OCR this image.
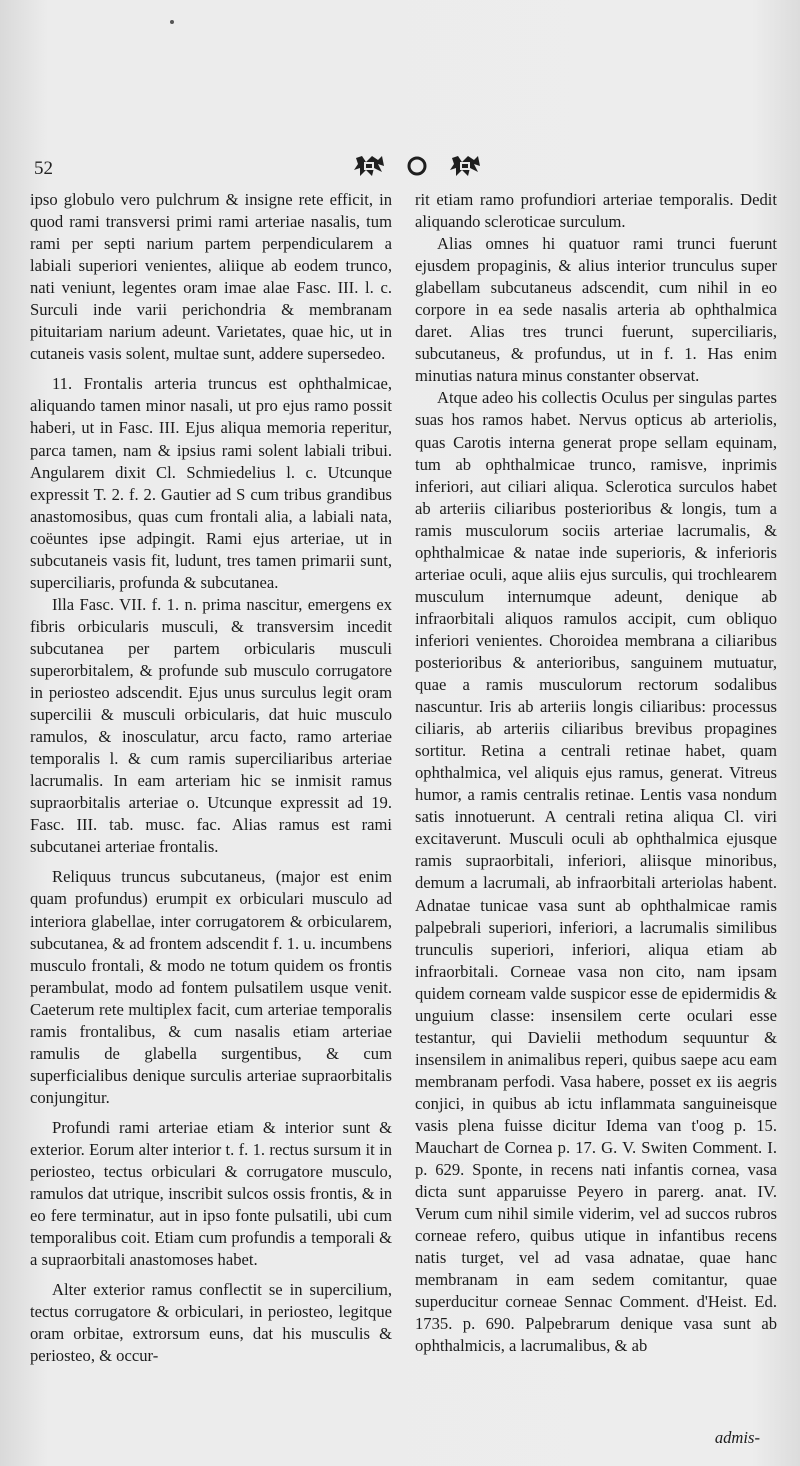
52

ipso globulo vero pulchrum & insigne rete efficit, in quod rami transversi primi rami arteriae nasalis, tum rami per septi narium partem perpendicularem a labiali superiori venientes, aliique ab eodem trunco, nati veniunt, legentes oram imae alae Fasc. III. l. c. Surculi inde varii perichondria & membranam pituitariam narium adeunt. Varietates, quae hic, ut in cutaneis vasis solent, multae sunt, addere supersedeo.

11. Frontalis arteria truncus est ophthalmicae, aliquando tamen minor nasali, ut pro ejus ramo possit haberi, ut in Fasc. III. Ejus aliqua memoria reperitur, parca tamen, nam & ipsius rami solent labiali tribui. Angularem dixit Cl. Schmiedelius l. c. Utcunque expressit T. 2. f. 2. Gautier ad S cum tribus grandibus anastomosibus, quas cum frontali alia, a labiali nata, coëuntes ipse adpingit. Rami ejus arteriae, ut in subcutaneis vasis fit, ludunt, tres tamen primarii sunt, superciliaris, profunda & subcutanea.

Illa Fasc. VII. f. 1. n. prima nascitur, emergens ex fibris orbicularis musculi, & transversim incedit subcutanea per partem orbicularis musculi superorbitalem, & profunde sub musculo corrugatore in periosteo adscendit. Ejus unus surculus legit oram supercilii & musculi orbicularis, dat huic musculo ramulos, & inosculatur, arcu facto, ramo arteriae temporalis l. & cum ramis superciliaribus arteriae lacrumalis. In eam arteriam hic se inmisit ramus supraorbitalis arteriae o. Utcunque expressit ad 19. Fasc. III. tab. musc. fac. Alias ramus est rami subcutanei arteriae frontalis.

Reliquus truncus subcutaneus, (major est enim quam profundus) erumpit ex orbiculari musculo ad interiora glabellae, inter corrugatorem & orbicularem, subcutanea, & ad frontem adscendit f. 1. u. incumbens musculo frontali, & modo ne totum quidem os frontis perambulat, modo ad fontem pulsatilem usque venit. Caeterum rete multiplex facit, cum arteriae temporalis ramis frontalibus, & cum nasalis etiam arteriae ramulis de glabella surgentibus, & cum superficialibus denique surculis arteriae supraorbitalis conjungitur.

Profundi rami arteriae etiam & interior sunt & exterior. Eorum alter interior t. f. 1. rectus sursum it in periosteo, tectus orbiculari & corrugatore musculo, ramulos dat utrique, inscribit sulcos ossis frontis, & in eo fere terminatur, aut in ipso fonte pulsatili, ubi cum temporalibus coit. Etiam cum profundis a temporali & a supraorbitali anastomoses habet.

Alter exterior ramus conflectit se in supercilium, tectus corrugatore & orbiculari, in periosteo, legitque oram orbitae, extrorsum euns, dat his musculis & periosteo, & occur-

rit etiam ramo profundiori arteriae temporalis. Dedit aliquando scleroticae surculum.

Alias omnes hi quatuor rami trunci fuerunt ejusdem propaginis, & alius interior trunculus super glabellam subcutaneus adscendit, cum nihil in eo corpore in ea sede nasalis arteria ab ophthalmica daret. Alias tres trunci fuerunt, superciliaris, subcutaneus, & profundus, ut in f. 1. Has enim minutias natura minus constanter observat.

Atque adeo his collectis Oculus per singulas partes suas hos ramos habet. Nervus opticus ab arteriolis, quas Carotis interna generat prope sellam equinam, tum ab ophthalmicae trunco, ramisve, inprimis inferiori, aut ciliari aliqua. Sclerotica surculos habet ab arteriis ciliaribus posterioribus & longis, tum a ramis musculorum sociis arteriae lacrumalis, & ophthalmicae & natae inde superioris, & inferioris arteriae oculi, aque aliis ejus surculis, qui trochlearem musculum internumque adeunt, denique ab infraorbitali aliquos ramulos accipit, cum obliquo inferiori venientes. Choroidea membrana a ciliaribus posterioribus & anterioribus, sanguinem mutuatur, quae a ramis musculorum rectorum sodalibus nascuntur. Iris ab arteriis longis ciliaribus: processus ciliaris, ab arteriis ciliaribus brevibus propagines sortitur. Retina a centrali retinae habet, quam ophthalmica, vel aliquis ejus ramus, generat. Vitreus humor, a ramis centralis retinae. Lentis vasa nondum satis innotuerunt. A centrali retina aliqua Cl. viri excitaverunt. Musculi oculi ab ophthalmica ejusque ramis supraorbitali, inferiori, aliisque minoribus, demum a lacrumali, ab infraorbitali arteriolas habent. Adnatae tunicae vasa sunt ab ophthalmicae ramis palpebrali superiori, inferiori, a lacrumalis similibus trunculis superiori, inferiori, aliqua etiam ab infraorbitali. Corneae vasa non cito, nam ipsam quidem corneam valde suspicor esse de epidermidis & unguium classe: insensilem certe oculari esse testantur, qui Davielii methodum sequuntur & insensilem in animalibus reperi, quibus saepe acu eam membranam perfodi. Vasa habere, posset ex iis aegris conjici, in quibus ab ictu inflammata sanguineisque vasis plena fuisse dicitur Idema van t'oog p. 15. Mauchart de Cornea p. 17. G. V. Switen Comment. I. p. 629. Sponte, in recens nati infantis cornea, vasa dicta sunt apparuisse Peyero in parerg. anat. IV. Verum cum nihil simile viderim, vel ad succos rubros corneae refero, quibus utique in infantibus recens natis turget, vel ad vasa adnatae, quae hanc membranam in eam sedem comitantur, quae superducitur corneae Sennac Comment. d'Heist. Ed. 1735. p. 690. Palpebrarum denique vasa sunt ab ophthalmicis, a lacrumalibus, & ab

admis-
